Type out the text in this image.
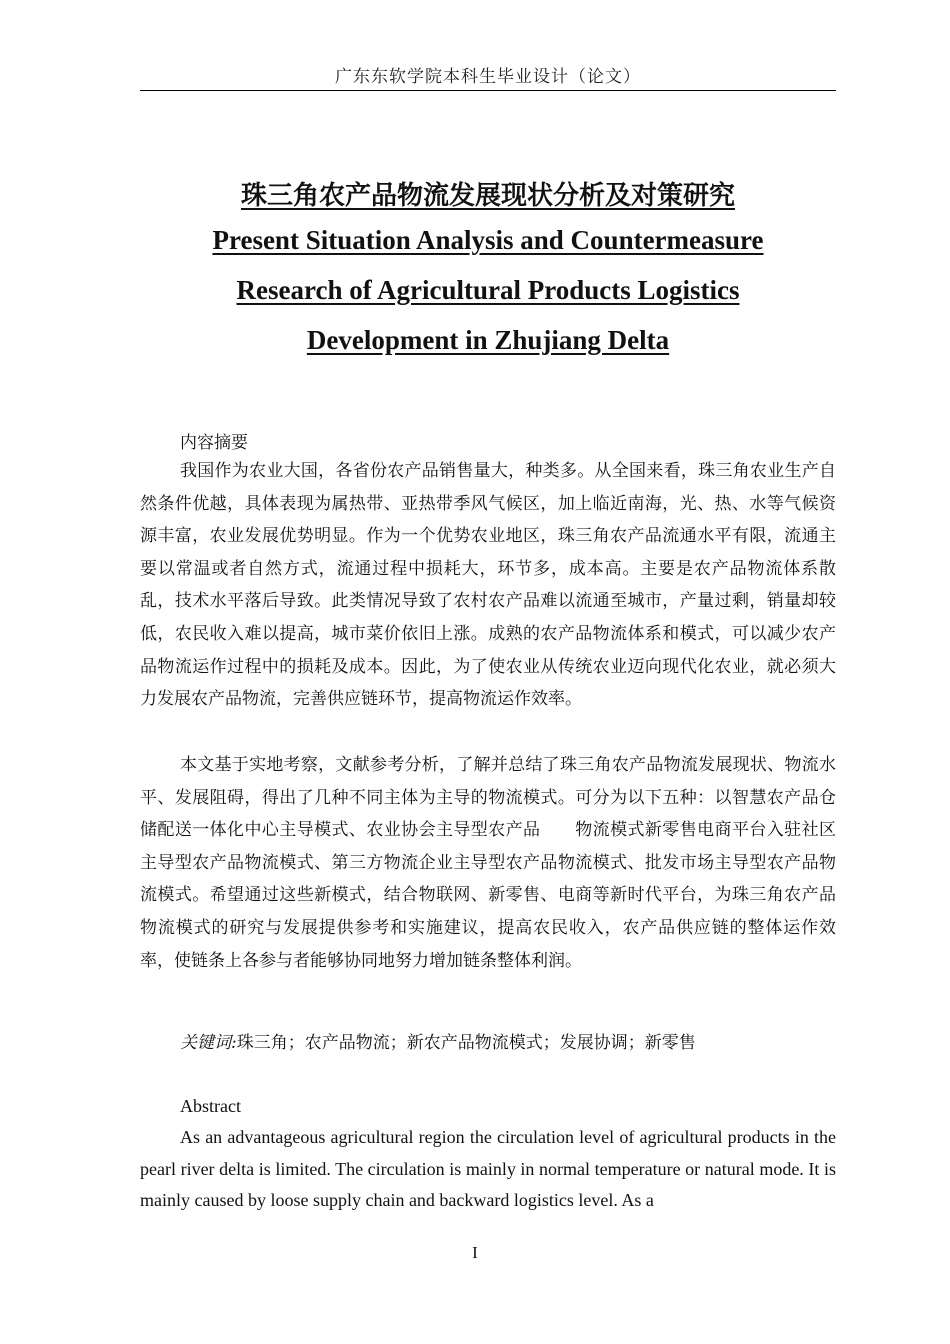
广东东软学院本科生毕业设计（论文）
珠三角农产品物流发展现状分析及对策研究
Present Situation Analysis and Countermeasure
Research of Agricultural Products Logistics
Development in Zhujiang Delta
内容摘要

我国作为农业大国，各省份农产品销售量大，种类多。从全国来看，珠三角农业生产自然条件优越，具体表现为属热带、亚热带季风气候区，加上临近南海，光、热、水等气候资源丰富，农业发展优势明显。作为一个优势农业地区，珠三角农产品流通水平有限，流通主要以常温或者自然方式，流通过程中损耗大，环节多，成本高。主要是农产品物流体系散乱，技术水平落后导致。此类情况导致了农村农产品难以流通至城市，产量过剩，销量却较低，农民收入难以提高，城市菜价依旧上涨。成熟的农产品物流体系和模式，可以减少农产品物流运作过程中的损耗及成本。因此，为了使农业从传统农业迈向现代化农业，就必须大力发展农产品物流，完善供应链环节，提高物流运作效率。

本文基于实地考察，文献参考分析，了解并总结了珠三角农产品物流发展现状、物流水平、发展阻碍，得出了几种不同主体为主导的物流模式。可分为以下五种：以智慧农产品仓储配送一体化中心主导模式、农业协会主导型农产品　　物流模式新零售电商平台入驻社区主导型农产品物流模式、第三方物流企业主导型农产品物流模式、批发市场主导型农产品物流模式。希望通过这些新模式，结合物联网、新零售、电商等新时代平台，为珠三角农产品物流模式的研究与发展提供参考和实施建议，提高农民收入，农产品供应链的整体运作效率，使链条上各参与者能够协同地努力增加链条整体利润。

关键词:珠三角；农产品物流；新农产品物流模式；发展协调；新零售
Abstract

As an advantageous agricultural region the circulation level of agricultural products in the pearl river delta is limited. The circulation is mainly in normal temperature or natural mode. It is mainly caused by loose supply chain and backward logistics level. As a

I
